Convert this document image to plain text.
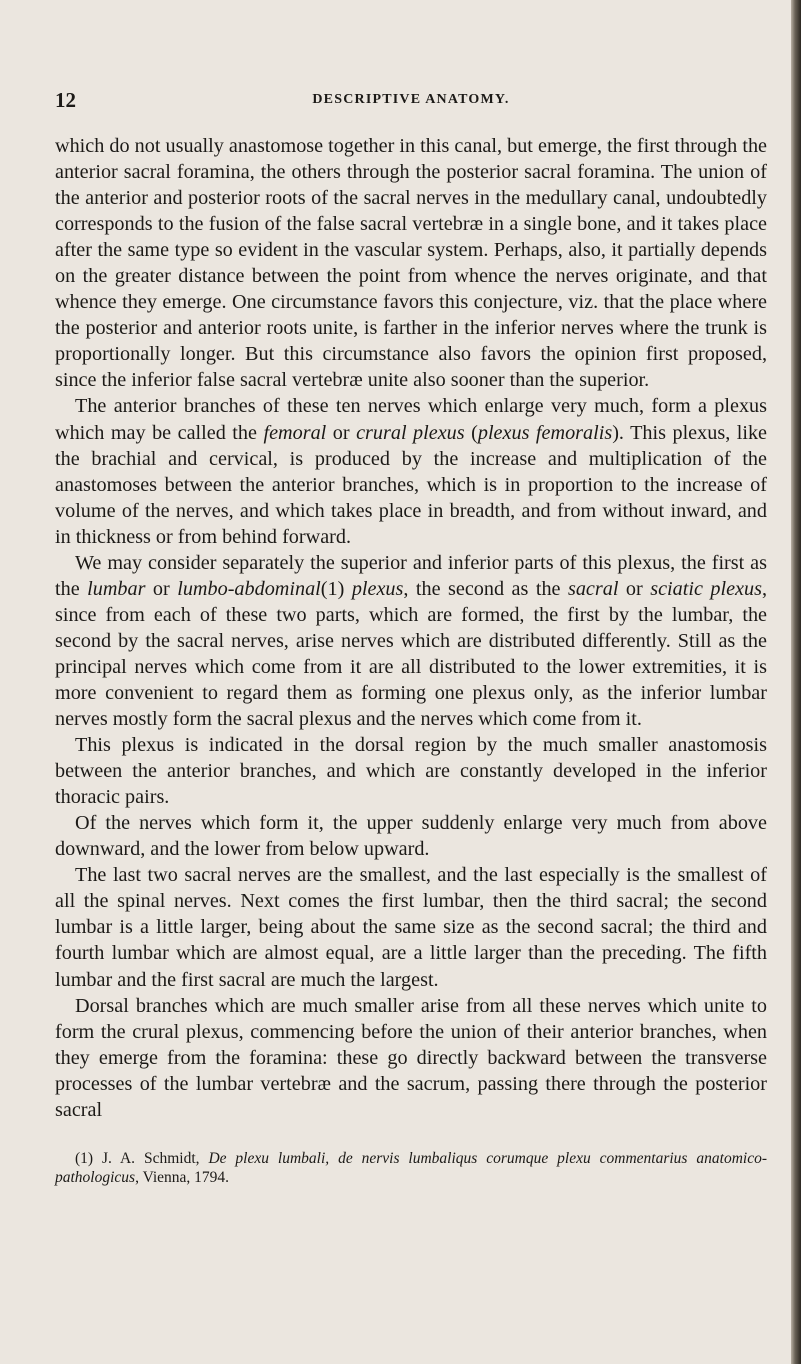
12	DESCRIPTIVE ANATOMY.

which do not usually anastomose together in this canal, but emerge, the first through the anterior sacral foramina, the others through the posterior sacral foramina. The union of the anterior and posterior roots of the sacral nerves in the medullary canal, undoubtedly corresponds to the fusion of the false sacral vertebræ in a single bone, and it takes place after the same type so evident in the vascular system. Perhaps, also, it partially depends on the greater distance between the point from whence the nerves originate, and that whence they emerge. One circumstance favors this conjecture, viz. that the place where the posterior and anterior roots unite, is farther in the inferior nerves where the trunk is proportionally longer. But this circumstance also favors the opinion first proposed, since the inferior false sacral vertebræ unite also sooner than the superior.

The anterior branches of these ten nerves which enlarge very much, form a plexus which may be called the femoral or crural plexus (plexus femoralis). This plexus, like the brachial and cervical, is produced by the increase and multiplication of the anastomoses between the anterior branches, which is in proportion to the increase of volume of the nerves, and which takes place in breadth, and from without inward, and in thickness or from behind forward.

We may consider separately the superior and inferior parts of this plexus, the first as the lumbar or lumbo-abdominal(1) plexus, the second as the sacral or sciatic plexus, since from each of these two parts, which are formed, the first by the lumbar, the second by the sacral nerves, arise nerves which are distributed differently. Still as the principal nerves which come from it are all distributed to the lower extremities, it is more convenient to regard them as forming one plexus only, as the inferior lumbar nerves mostly form the sacral plexus and the nerves which come from it.

This plexus is indicated in the dorsal region by the much smaller anastomosis between the anterior branches, and which are constantly developed in the inferior thoracic pairs.

Of the nerves which form it, the upper suddenly enlarge very much from above downward, and the lower from below upward.

The last two sacral nerves are the smallest, and the last especially is the smallest of all the spinal nerves. Next comes the first lumbar, then the third sacral; the second lumbar is a little larger, being about the same size as the second sacral; the third and fourth lumbar which are almost equal, are a little larger than the preceding. The fifth lumbar and the first sacral are much the largest.

Dorsal branches which are much smaller arise from all these nerves which unite to form the crural plexus, commencing before the union of their anterior branches, when they emerge from the foramina: these go directly backward between the transverse processes of the lumbar vertebræ and the sacrum, passing there through the posterior sacral

(1) J. A. Schmidt, De plexu lumbali, de nervis lumbaliqus corumque plexu commentarius anatomico-pathologicus, Vienna, 1794.
